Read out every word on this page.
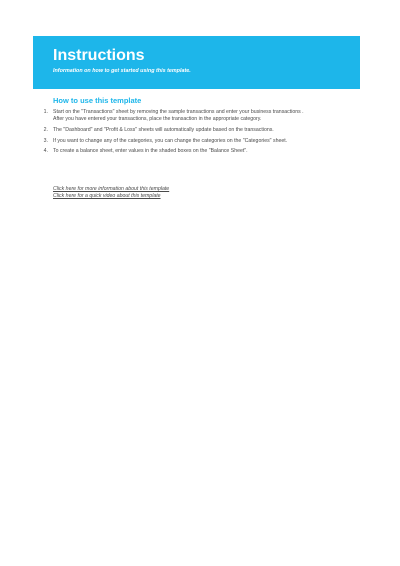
Instructions
Information on how to get started using this template.
How to use this template
1. Start on the "Transactions" sheet by removing the sample transactions and enter your business transactions . After you have entered your transactions, place the transaction in the appropriate category.
2. The "Dashboard" and "Profit & Loss" sheets will automatically update based on the transactions.
3. If you want to change any of the categories, you can change the categories on the "Categories" sheet.
4. To create a balance sheet, enter values in the shaded boxes on the "Balance Sheet".
Click here for more information about this template
Click here for a quick video about this template
